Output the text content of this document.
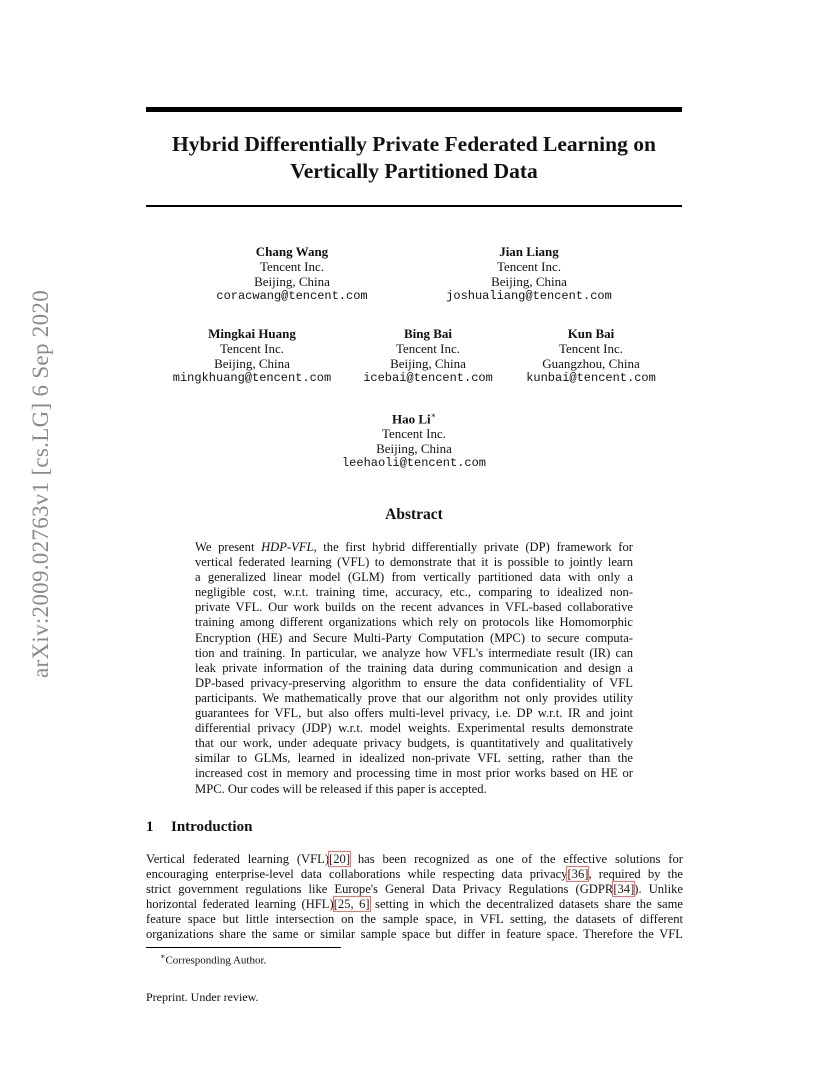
arXiv:2009.02763v1 [cs.LG] 6 Sep 2020
Hybrid Differentially Private Federated Learning on
Vertically Partitioned Data
Chang Wang
Tencent Inc.
Beijing, China
coracwang@tencent.com
Jian Liang
Tencent Inc.
Beijing, China
joshualiang@tencent.com
Mingkai Huang
Tencent Inc.
Beijing, China
mingkhuang@tencent.com
Bing Bai
Tencent Inc.
Beijing, China
icebai@tencent.com
Kun Bai
Tencent Inc.
Guangzhou, China
kunbai@tencent.com
Hao Li∗
Tencent Inc.
Beijing, China
leehaoli@tencent.com
Abstract
We present HDP-VFL, the first hybrid differentially private (DP) framework for
vertical federated learning (VFL) to demonstrate that it is possible to jointly learn
a generalized linear model (GLM) from vertically partitioned data with only a
negligible cost, w.r.t. training time, accuracy, etc., comparing to idealized non-
private VFL. Our work builds on the recent advances in VFL-based collaborative
training among different organizations which rely on protocols like Homomorphic
Encryption (HE) and Secure Multi-Party Computation (MPC) to secure computa-
tion and training. In particular, we analyze how VFL's intermediate result (IR) can
leak private information of the training data during communication and design a
DP-based privacy-preserving algorithm to ensure the data confidentiality of VFL
participants. We mathematically prove that our algorithm not only provides utility
guarantees for VFL, but also offers multi-level privacy, i.e. DP w.r.t. IR and joint
differential privacy (JDP) w.r.t. model weights. Experimental results demonstrate
that our work, under adequate privacy budgets, is quantitatively and qualitatively
similar to GLMs, learned in idealized non-private VFL setting, rather than the
increased cost in memory and processing time in most prior works based on HE or
MPC. Our codes will be released if this paper is accepted.
1 Introduction
Vertical federated learning (VFL)[20] has been recognized as one of the effective solutions for
encouraging enterprise-level data collaborations while respecting data privacy[36], required by the
strict government regulations like Europe's General Data Privacy Regulations (GDPR[34]). Unlike
horizontal federated learning (HFL)[25, 6] setting in which the decentralized datasets share the same
feature space but little intersection on the sample space, in VFL setting, the datasets of different
organizations share the same or similar sample space but differ in feature space. Therefore the VFL
∗Corresponding Author.
Preprint. Under review.
